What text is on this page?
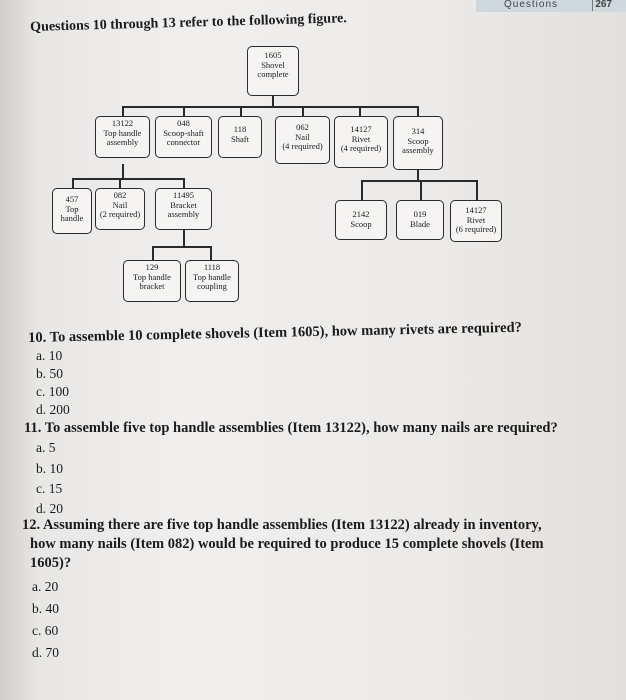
Questions	267
Questions 10 through 13 refer to the following figure.
1605
Shovel
complete
13122
Top handle
assembly
048
Scoop-shaft
connector
118
Shaft
062
Nail
(4 required)
14127
Rivet
(4 required)
314
Scoop
assembly
457
Top
handle
082
Nail
(2 required)
11495
Bracket
assembly	2142
Scoop
019
Blade
14127
Rivet
(6 required)
129
Top handle
bracket
1118
Top handle
coupling
10. To assemble 10 complete shovels (Item 1605), how many rivets are required?
a. 10
b. 50
c. 100
d. 200
11. To assemble five top handle assemblies (Item 13122), how many nails are required?
a. 5
b. 10
c. 15
d. 20
12. Assuming there are five top handle assemblies (Item 13122) already in inventory,
how many nails (Item 082) would be required to produce 15 complete shovels (Item
1605)?
a. 20
b. 40
c. 60
d. 70
